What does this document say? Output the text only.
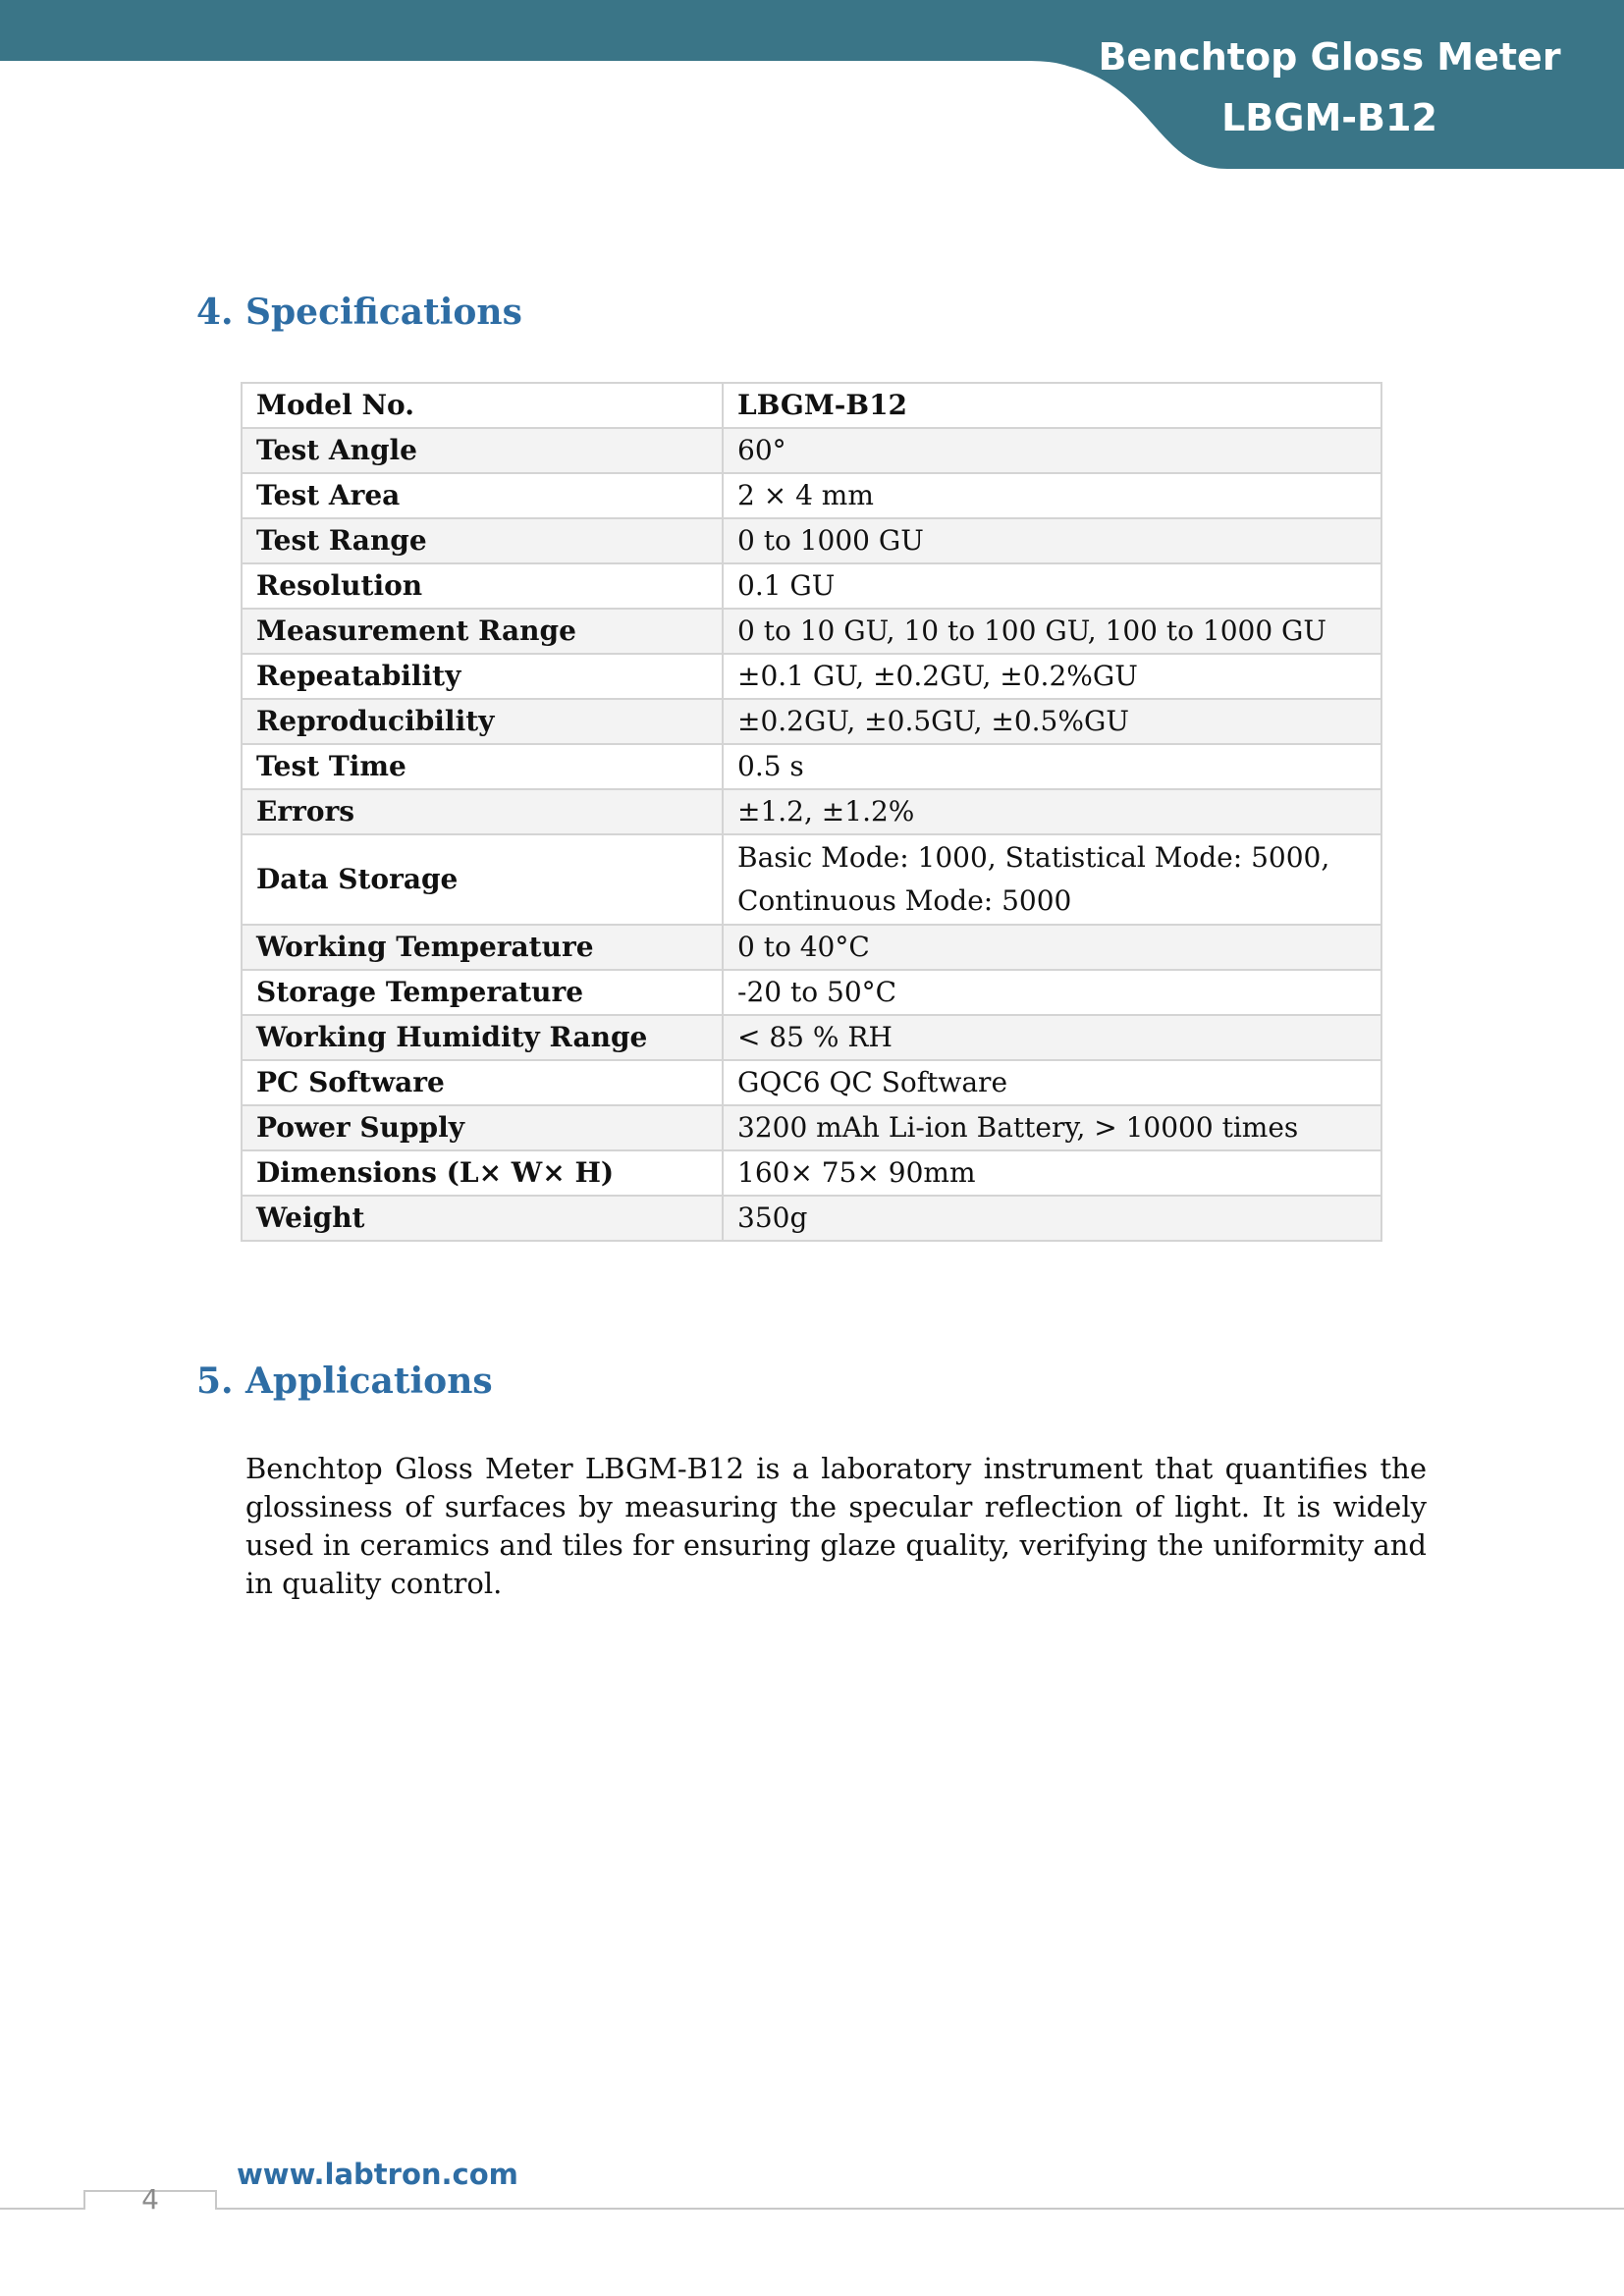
Benchtop Gloss Meter
LBGM-B12
4. Specifications
Model No.	LBGM-B12
Test Angle	60°
Test Area	2 × 4 mm
Test Range	0 to 1000 GU
Resolution	0.1 GU
Measurement Range	0 to 10 GU, 10 to 100 GU, 100 to 1000 GU
Repeatability	±0.1 GU, ±0.2GU, ±0.2%GU
Reproducibility	±0.2GU, ±0.5GU, ±0.5%GU
Test Time	0.5 s
Errors	±1.2, ±1.2%
Data Storage	Basic Mode: 1000, Statistical Mode: 5000,
Continuous Mode: 5000

Working Temperature	0 to 40°C
Storage Temperature	-20 to 50°C
Working Humidity Range	< 85 % RH
PC Software	GQC6 QC Software
Power Supply	3200 mAh Li-ion Battery, > 10000 times
Dimensions (L× W× H)	160× 75× 90mm
Weight	350g
5. Applications

Benchtop Gloss Meter LBGM-B12 is a laboratory instrument that quantifies the glossiness of surfaces by measuring the specular reflection of light. It is widely used in ceramics and tiles for ensuring glaze quality, verifying the uniformity and in quality control.

4
www.labtron.com
